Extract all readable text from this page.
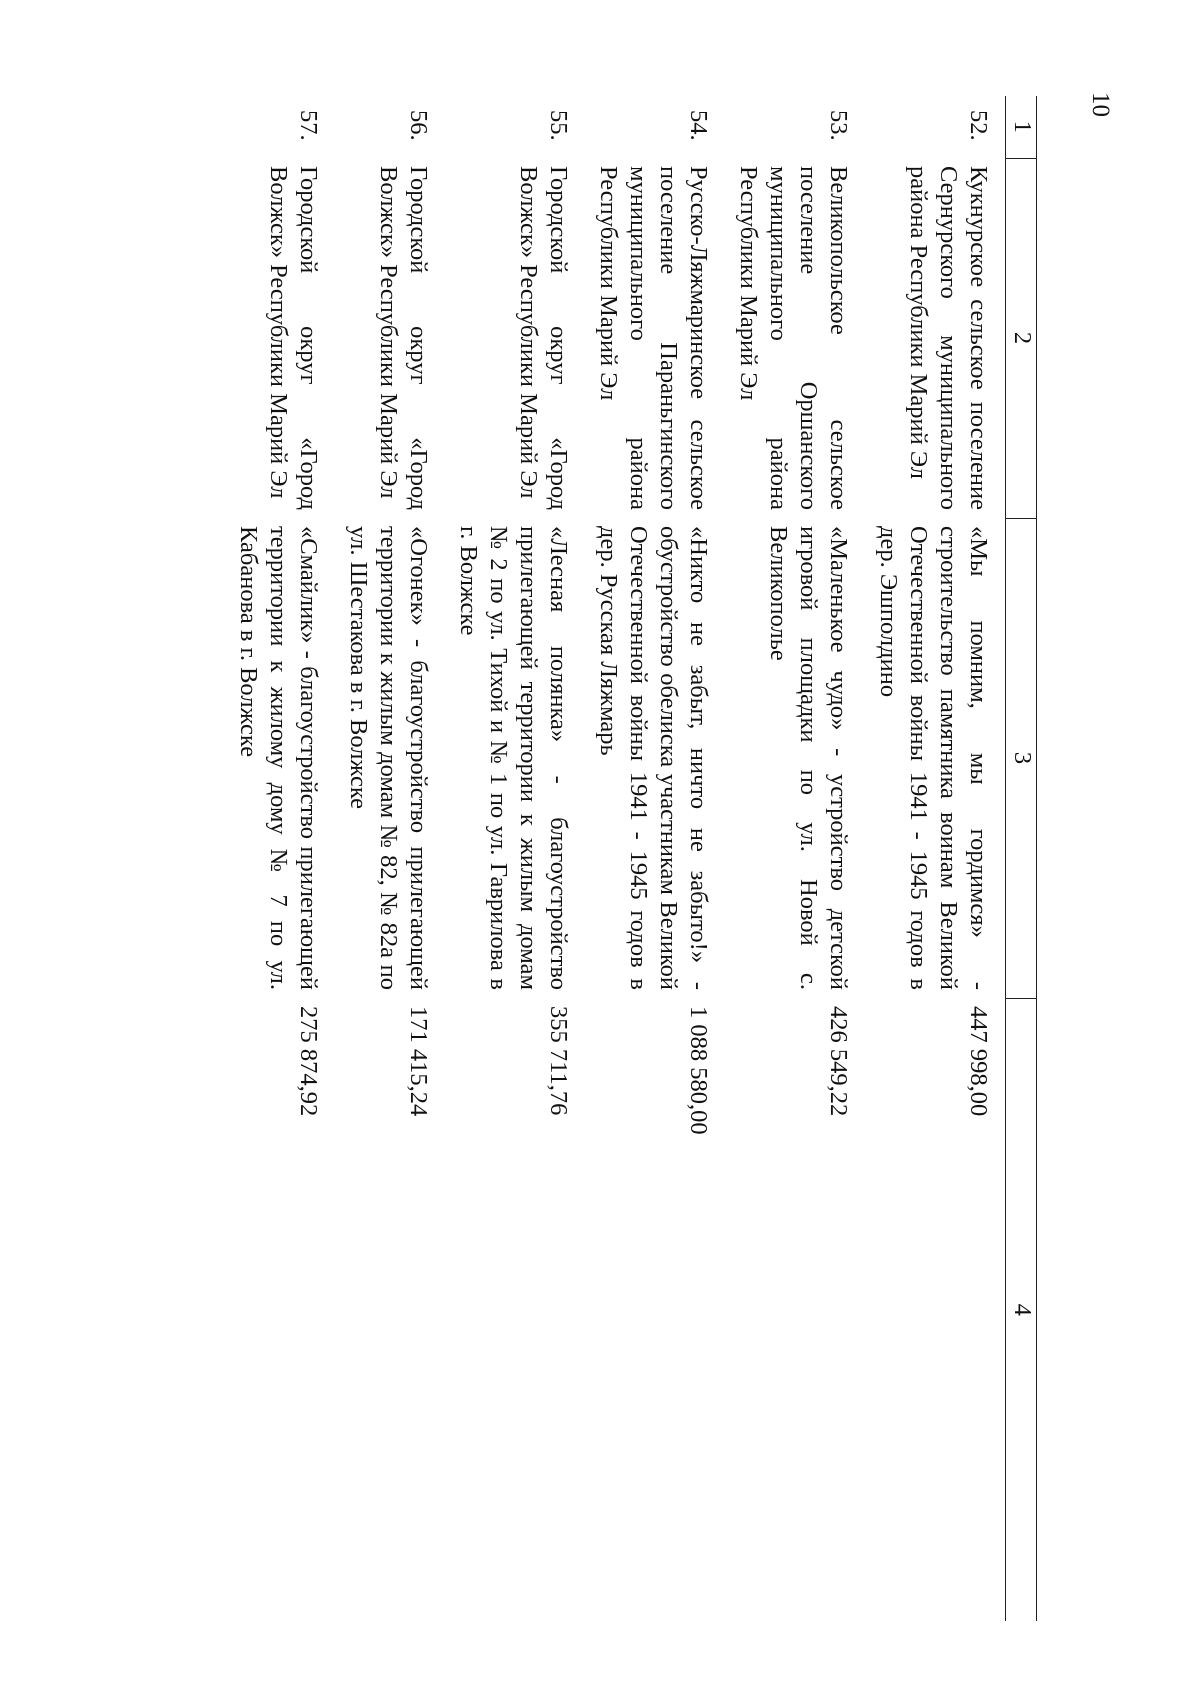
10
1	2	3	4
52.	Кукнурское сельское поселение Сернурского муниципального района Республики Марий Эл	«Мы помним, мы гордимся» - строительство памятника воинам Великой Отечественной войны 1941 - 1945 годов в дер. Эшполдино	447 998,00
53.	Великопольское сельское поселение Оршанского муниципального района Республики Марий Эл	«Маленькое чудо» - устройство детской игровой площадки по ул. Новой с. Великополье	426 549,22
54.	Русско-Ляжмаринское сельское поселение Параньгинского муниципального района Республики Марий Эл	«Никто не забыт, ничто не забыто!» - обустройство обелиска участникам Великой Отечественной войны 1941 - 1945 годов в дер. Русская Ляжмарь	1 088 580,00
55.	Городской округ «Город Волжск» Республики Марий Эл	«Лесная полянка» - благоустройство прилегающей территории к жилым домам № 2 по ул. Тихой и № 1 по ул. Гаврилова в г. Волжске	355 711,76
56.	Городской округ «Город Волжск» Республики Марий Эл	«Огонек» - благоустройство прилегающей территории к жилым домам № 82, № 82а по ул. Шестакова в г. Волжске	171 415,24
57.	Городской округ «Город Волжск» Республики Марий Эл	«Смайлик» - благоустройство прилегающей территории к жилому дому № 7 по ул. Кабанова в г. Волжске	275 874,92
